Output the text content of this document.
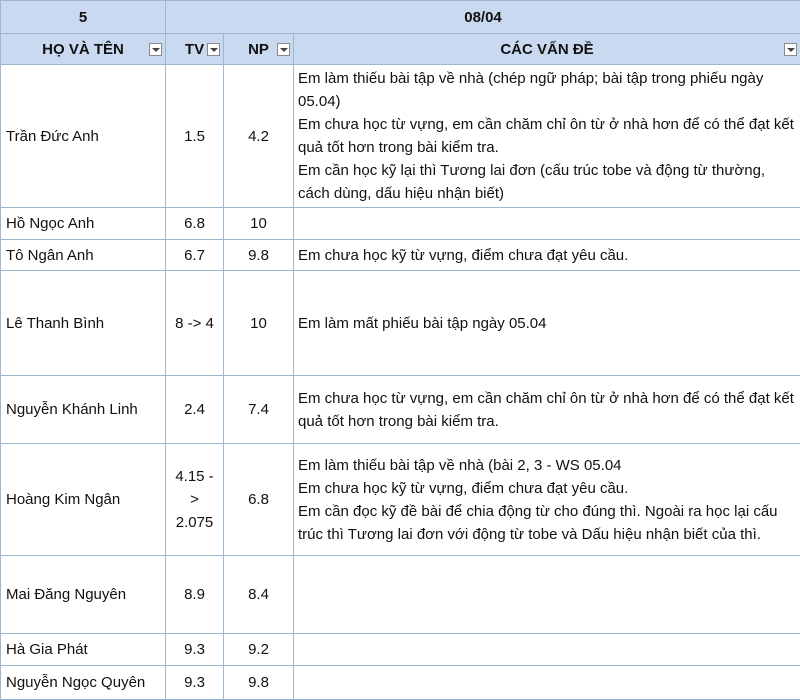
5	08/04		
HỌ VÀ TÊN	TV	NP	CÁC VẤN ĐỀ

Trần Đức Anh	1.5	4.2	Em làm thiếu bài tập về nhà (chép ngữ pháp; bài tập trong phiếu ngày 05.04)
Em chưa học từ vựng, em cần chăm chỉ ôn từ ở nhà hơn để có thể đạt kết quả tốt hơn trong bài kiểm tra.
Em cần học kỹ lại thì Tương lai đơn (cấu trúc tobe và động từ thường, cách dùng, dấu hiệu nhận biết)

Hồ Ngọc Anh	6.8	10	
Tô Ngân Anh	6.7	9.8	Em chưa học kỹ từ vựng, điểm chưa đạt yêu cầu.

Lê Thanh Bình	8 -> 4	10	Em làm mất phiếu bài tập ngày 05.04

Nguyễn Khánh Linh	2.4	7.4	Em chưa học từ vựng, em cần chăm chỉ ôn từ ở nhà hơn để có thể đạt kết quả tốt hơn trong bài kiểm tra.

Hoàng Kim Ngân	4.15 -> 2.075	6.8	Em làm thiếu bài tập về nhà (bài 2, 3 - WS 05.04
Em chưa học kỹ từ vựng, điểm chưa đạt yêu cầu.
Em cần đọc kỹ đề bài để chia động từ cho đúng thì. Ngoài ra học lại cấu trúc thì Tương lai đơn với động từ tobe và Dấu hiệu nhận biết của thì.

Mai Đăng Nguyên	8.9	8.4	
Hà Gia Phát	9.3	9.2	
Nguyễn Ngọc Quyên	9.3	9.8	
